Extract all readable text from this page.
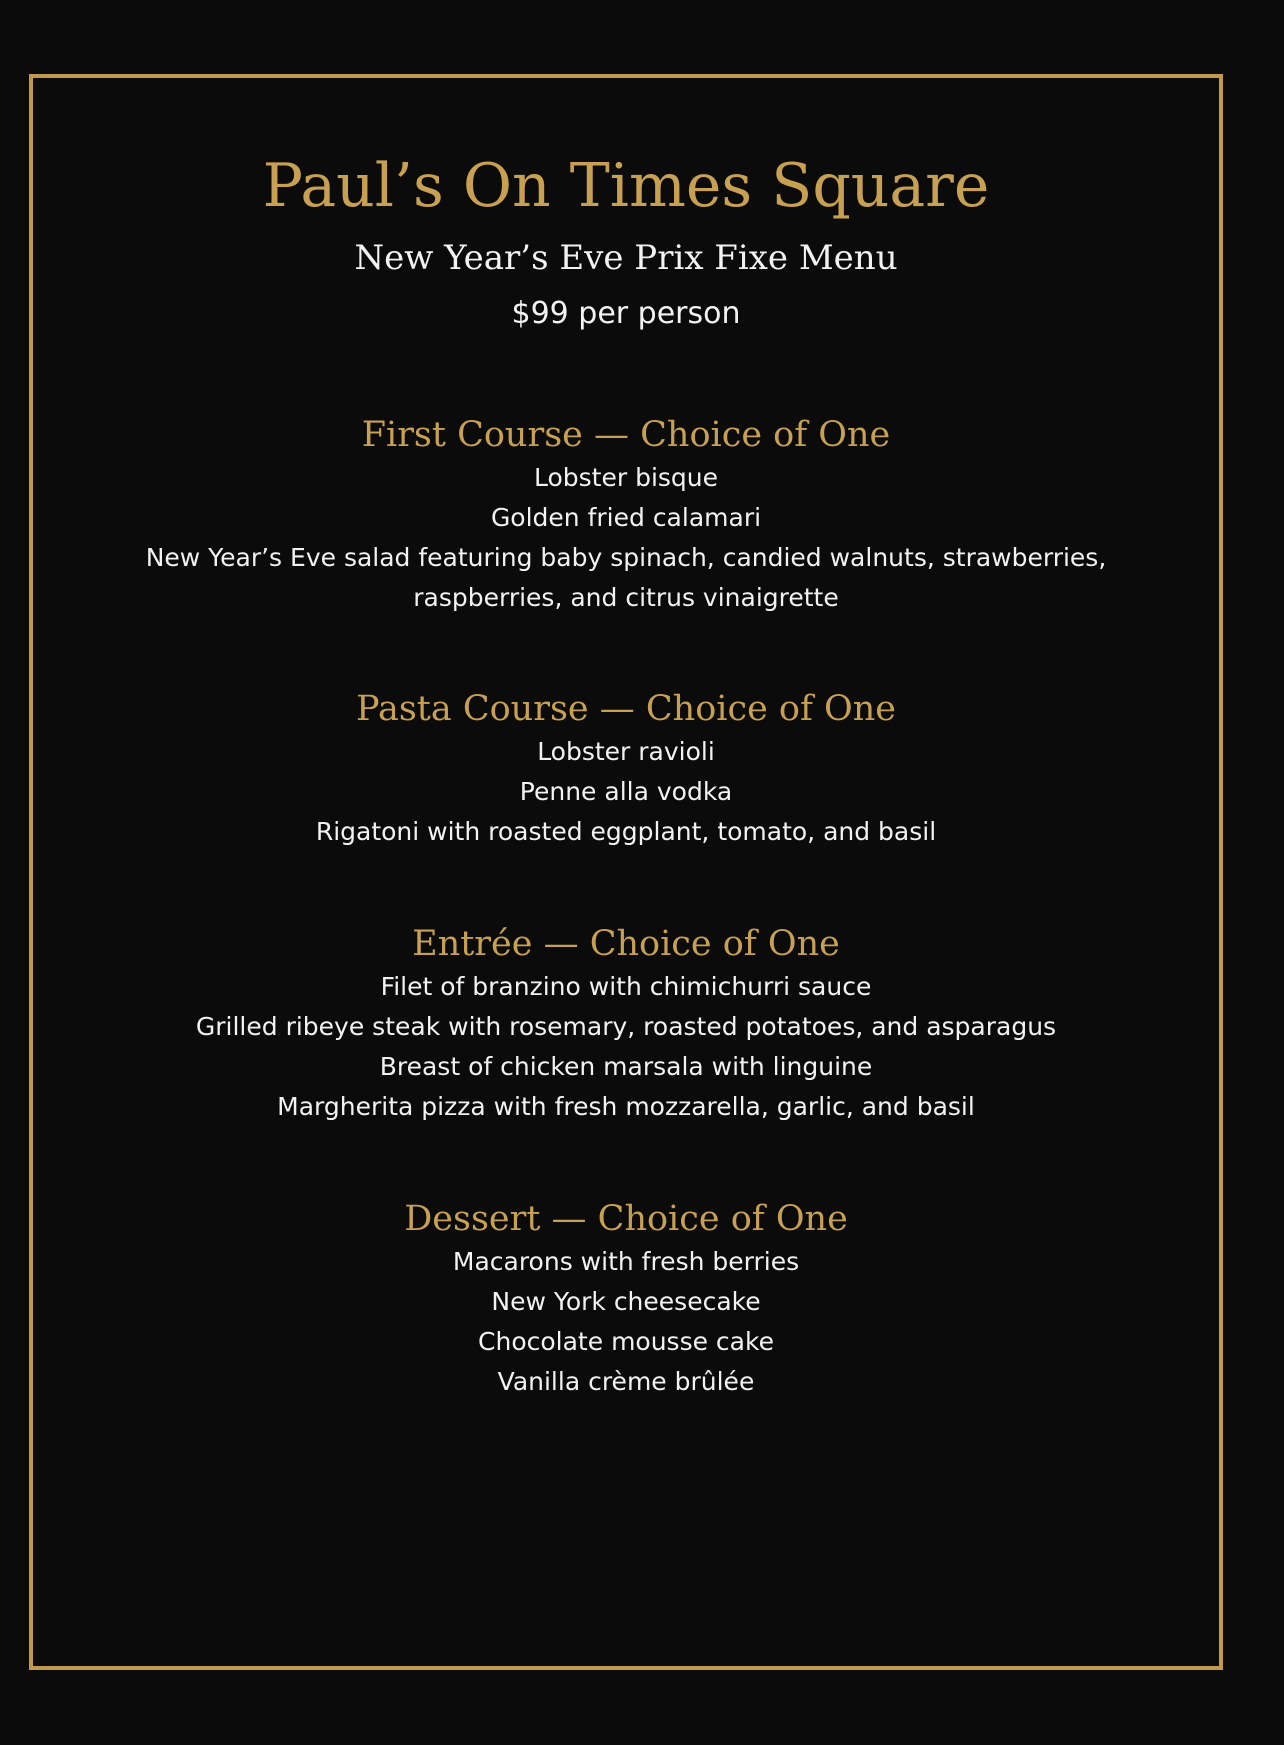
Paul’s On Times Square
New Year’s Eve Prix Fixe Menu
$99 per person
First Course — Choice of One

Lobster bisque

Golden fried calamari

New Year’s Eve salad featuring baby spinach, candied walnuts, strawberries,

raspberries, and citrus vinaigrette

Pasta Course — Choice of One

Lobster ravioli

Penne alla vodka

Rigatoni with roasted eggplant, tomato, and basil

Entrée — Choice of One

Filet of branzino with chimichurri sauce

Grilled ribeye steak with rosemary, roasted potatoes, and asparagus

Breast of chicken marsala with linguine

Margherita pizza with fresh mozzarella, garlic, and basil

Dessert — Choice of One

Macarons with fresh berries

New York cheesecake

Chocolate mousse cake

Vanilla crème brûlée
